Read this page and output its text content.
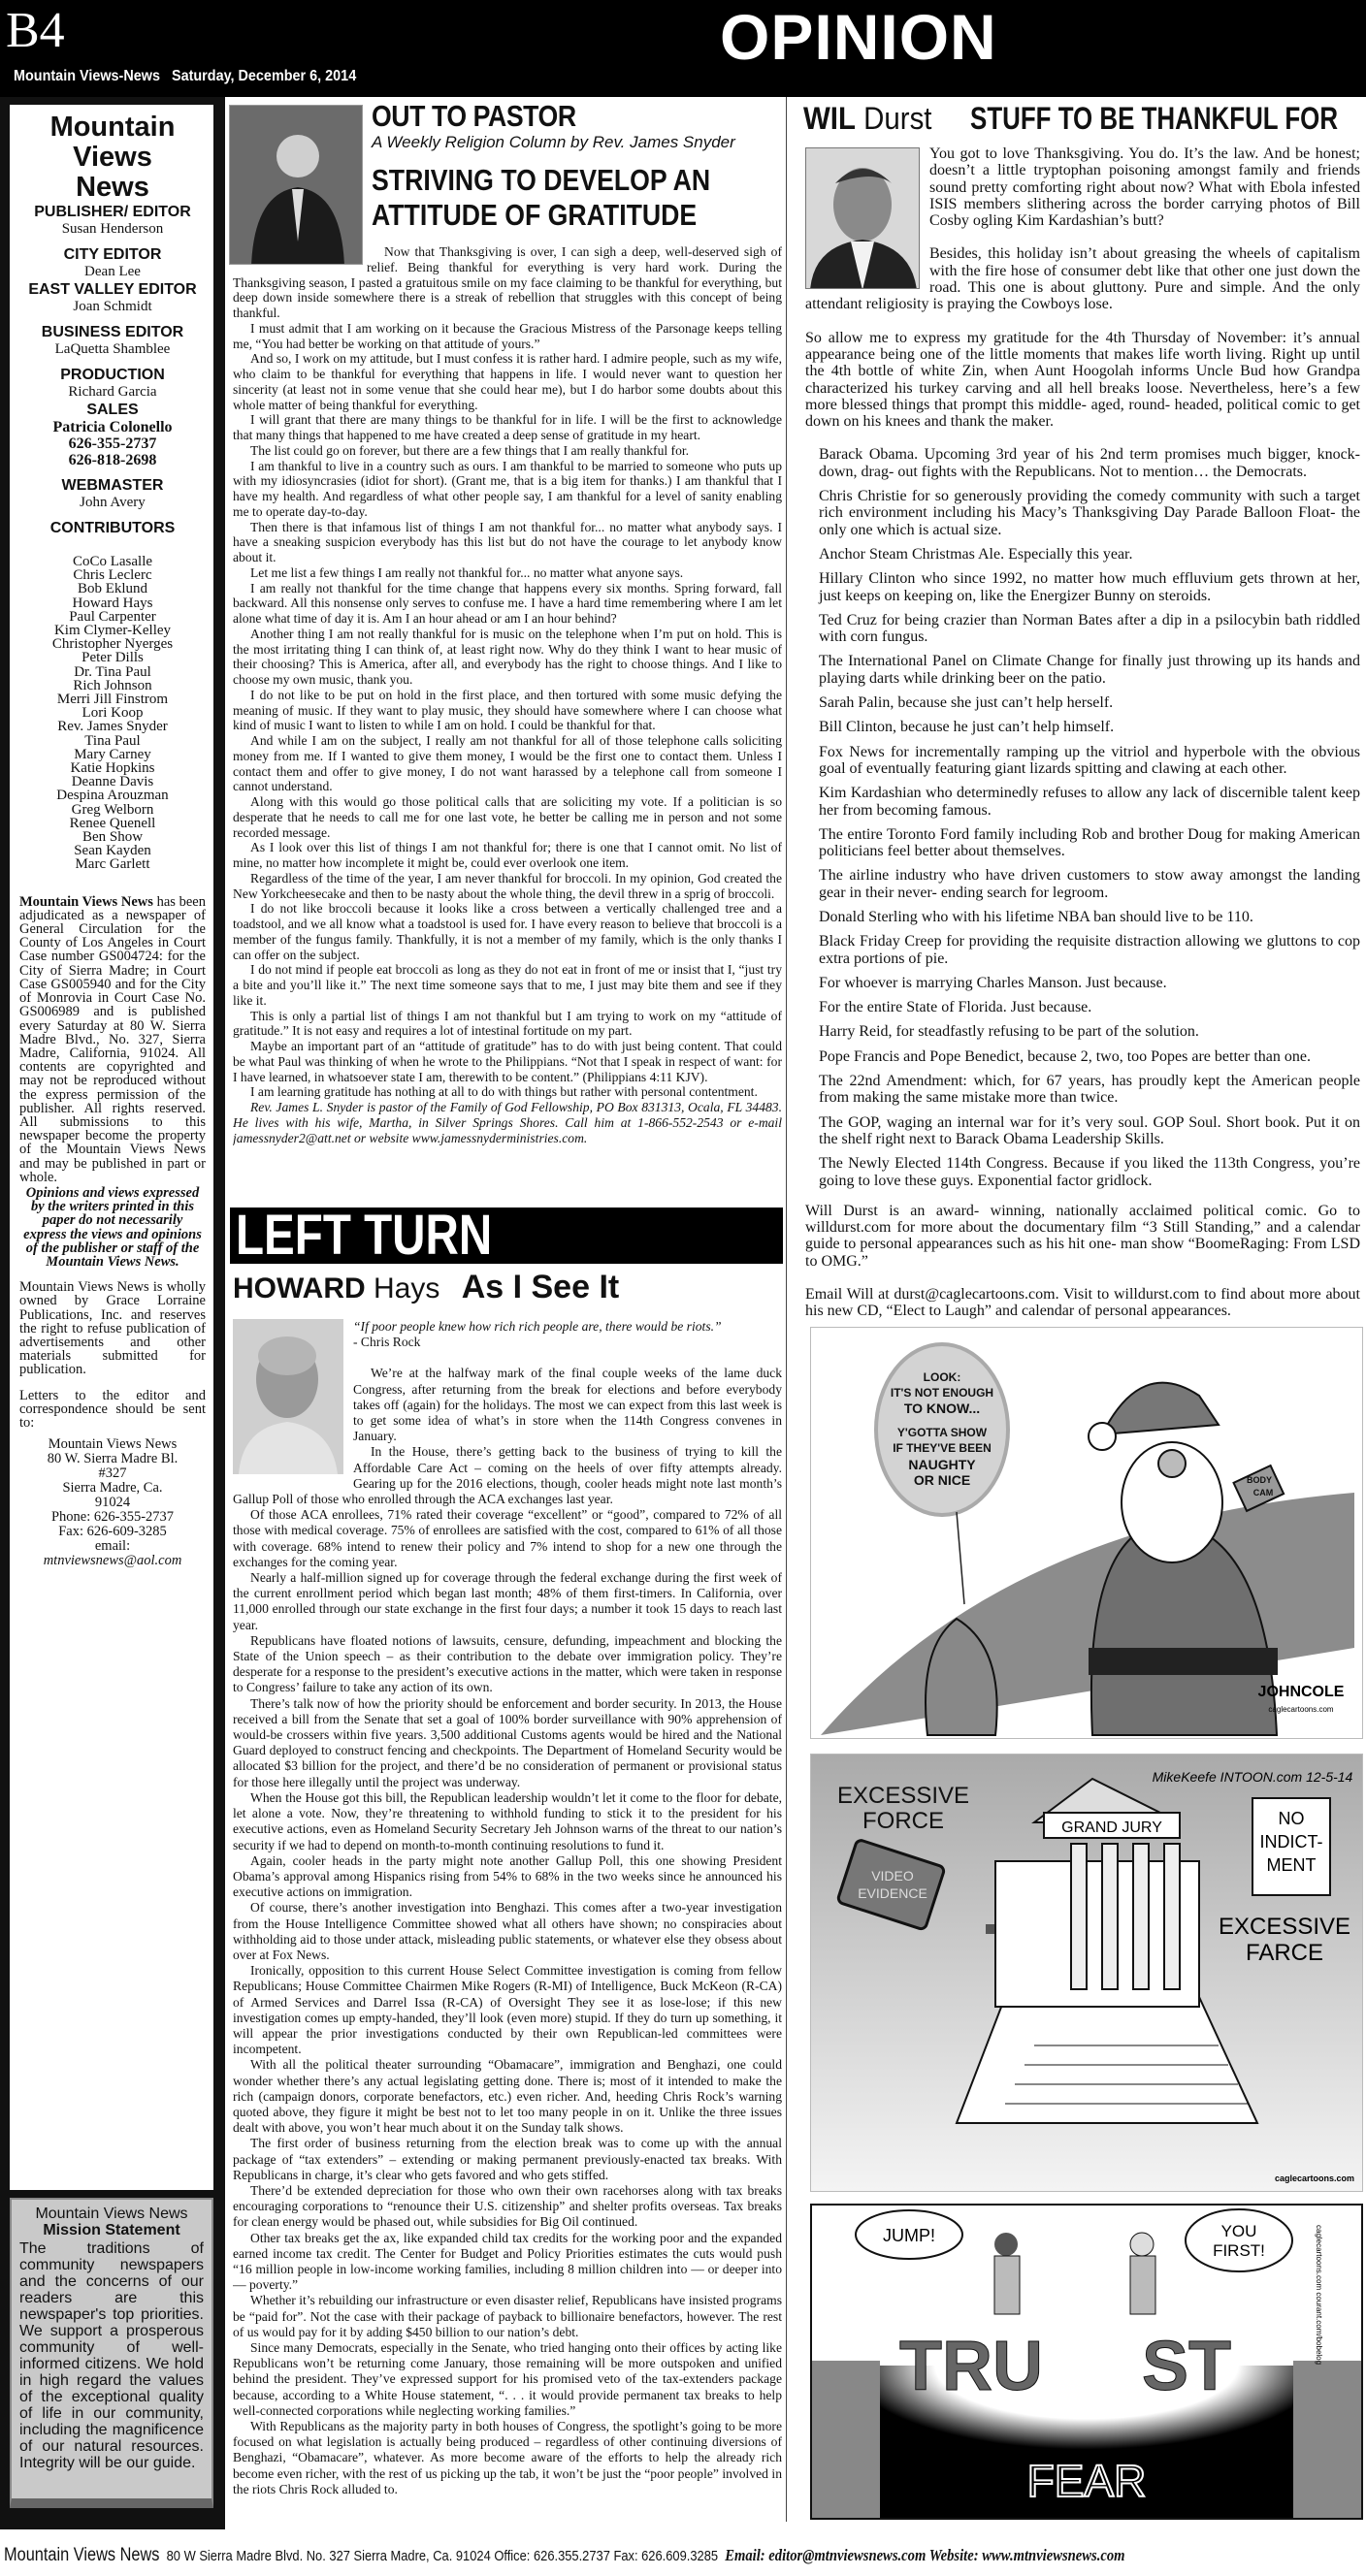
B4
Mountain Views-News   Saturday, December 6, 2014
OPINION
Mountain
Views
News
PUBLISHER/ EDITOR
Susan Henderson
CITY EDITOR
Dean Lee
EAST VALLEY EDITOR
Joan Schmidt
BUSINESS EDITOR
LaQuetta Shamblee
PRODUCTION
Richard Garcia
SALES
Patricia Colonello
626-355-2737
626-818-2698
WEBMASTER
John Avery
CONTRIBUTORS

CoCo Lasalle

Chris Leclerc

Bob Eklund

Howard Hays

Paul Carpenter

Kim Clymer-Kelley

Christopher Nyerges

Peter Dills

Dr. Tina Paul

Rich Johnson

Merri Jill Finstrom

Lori Koop

Rev. James Snyder

Tina Paul

Mary Carney

Katie Hopkins

Deanne Davis

Despina Arouzman

Greg Welborn

Renee Quenell

Ben Show

Sean Kayden

Marc Garlett

Mountain Views News has been adjudicated as a newspaper of General Circulation for the County of Los Angeles in Court Case number GS004724: for the City of Sierra Madre; in Court Case GS005940 and for the City of Monrovia in Court Case No. GS006989 and is published every Saturday at 80 W. Sierra Madre Blvd., No. 327, Sierra Madre, California, 91024. All contents are copyrighted and may not be reproduced without the express permission of the publisher. All rights reserved. All submissions to this newspaper become the property of the Mountain Views News and may be published in part or whole.
Opinions and views expressed by the writers printed in this paper do not necessarily express the views and opinions of the publisher or staff of the Mountain Views News.
Mountain Views News is wholly owned by Grace Lorraine Publications, Inc. and reserves the right to refuse publication of advertisements and other materials submitted for publication.
Letters to the editor and correspondence should be sent to:

Mountain Views News

80 W. Sierra Madre Bl.

#327

Sierra Madre, Ca.

91024

Phone: 626-355-2737

Fax: 626-609-3285

email:

mtnviewsnews@aol.com

Mountain Views News
Mission Statement

The traditions of community newspapers and the concerns of our readers are this newspaper's top priorities. We support a prosperous community of well-informed citizens. We hold in high regard the values of the exceptional quality of life in our community, including the magnificence of our natural resources. Integrity will be our guide.

OUT TO PASTOR
A Weekly Religion Column by Rev. James Snyder
STRIVING TO DEVELOP AN ATTITUDE OF GRATITUDE

Now that Thanksgiving is over, I can sigh a deep, well-deserved sigh of relief. Being thankful for everything is very hard work. During the Thanksgiving season, I pasted a gratuitous smile on my face claiming to be thankful for everything, but deep down inside somewhere there is a streak of rebellion that struggles with this concept of being thankful.

I must admit that I am working on it because the Gracious Mistress of the Parsonage keeps telling me, “You had better be working on that attitude of yours.”

And so, I work on my attitude, but I must confess it is rather hard. I admire people, such as my wife, who claim to be thankful for everything that happens in life. I would never want to question her sincerity (at least not in some venue that she could hear me), but I do harbor some doubts about this whole matter of being thankful for everything.

I will grant that there are many things to be thankful for in life. I will be the first to acknowledge that many things that happened to me have created a deep sense of gratitude in my heart.

The list could go on forever, but there are a few things that I am really thankful for.

I am thankful to live in a country such as ours. I am thankful to be married to someone who puts up with my idiosyncrasies (idiot for short). (Grant me, that is a big item for thanks.) I am thankful that I have my health. And regardless of what other people say, I am thankful for a level of sanity enabling me to operate day-to-day.

Then there is that infamous list of things I am not thankful for... no matter what anybody says. I have a sneaking suspicion everybody has this list but do not have the courage to let anybody know about it.

Let me list a few things I am really not thankful for... no matter what anyone says.

I am really not thankful for the time change that happens every six months. Spring forward, fall backward. All this nonsense only serves to confuse me. I have a hard time remembering where I am let alone what time of day it is. Am I an hour ahead or am I an hour behind?

Another thing I am not really thankful for is music on the telephone when I’m put on hold. This is the most irritating thing I can think of, at least right now. Why do they think I want to hear music of their choosing? This is America, after all, and everybody has the right to choose things. And I like to choose my own music, thank you.

I do not like to be put on hold in the first place, and then tortured with some music defying the meaning of music. If they want to play music, they should have somewhere where I can choose what kind of music I want to listen to while I am on hold. I could be thankful for that.

And while I am on the subject, I really am not thankful for all of those telephone calls soliciting money from me. If I wanted to give them money, I would be the first one to contact them. Unless I contact them and offer to give money, I do not want harassed by a telephone call from someone I cannot understand.

Along with this would go those political calls that are soliciting my vote. If a politician is so desperate that he needs to call me for one last vote, he better be calling me in person and not some recorded message.

As I look over this list of things I am not thankful for; there is one that I cannot omit. No list of mine, no matter how incomplete it might be, could ever overlook one item.

Regardless of the time of the year, I am never thankful for broccoli. In my opinion, God created the New Yorkcheesecake and then to be nasty about the whole thing, the devil threw in a sprig of broccoli.

I do not like broccoli because it looks like a cross between a vertically challenged tree and a toadstool, and we all know what a toadstool is used for. I have every reason to believe that broccoli is a member of the fungus family. Thankfully, it is not a member of my family, which is the only thanks I can offer on the subject.

I do not mind if people eat broccoli as long as they do not eat in front of me or insist that I, “just try a bite and you’ll like it.” The next time someone says that to me, I just may bite them and see if they like it.

This is only a partial list of things I am not thankful but I am trying to work on my “attitude of gratitude.” It is not easy and requires a lot of intestinal fortitude on my part.

Maybe an important part of an “attitude of gratitude” has to do with just being content. That could be what Paul was thinking of when he wrote to the Philippians. “Not that I speak in respect of want: for I have learned, in whatsoever state I am, therewith to be content.” (Philippians 4:11 KJV).

I am learning gratitude has nothing at all to do with things but rather with personal contentment.

Rev. James L. Snyder is pastor of the Family of God Fellowship, PO Box 831313, Ocala, FL 34483. He lives with his wife, Martha, in Silver Springs Shores. Call him at 1-866-552-2543 or e-mail jamessnyder2@att.net or website www.jamessnyderministries.com.

LEFT TURN
HOWARD Hays As I See It

“If poor people knew how rich rich people are, there would be riots.”

- Chris Rock

We’re at the halfway mark of the final couple weeks of the lame duck Congress, after returning from the break for elections and before everybody takes off (again) for the holidays. The most we can expect from this last week is to get some idea of what’s in store when the 114th Congress convenes in January.

In the House, there’s getting back to the business of trying to kill the Affordable Care Act – coming on the heels of over fifty attempts already. Gearing up for the 2016 elections, though, cooler heads might note last month’s Gallup Poll of those who enrolled through the ACA exchanges last year.

Of those ACA enrollees, 71% rated their coverage “excellent” or “good”, compared to 72% of all those with medical coverage. 75% of enrollees are satisfied with the cost, compared to 61% of all those with coverage. 68% intend to renew their policy and 7% intend to shop for a new one through the exchanges for the coming year.

Nearly a half-million signed up for coverage through the federal exchange during the first week of the current enrollment period which began last month; 48% of them first-timers. In California, over 11,000 enrolled through our state exchange in the first four days; a number it took 15 days to reach last year.

Republicans have floated notions of lawsuits, censure, defunding, impeachment and blocking the State of the Union speech – as their contribution to the debate over immigration policy. They’re desperate for a response to the president’s executive actions in the matter, which were taken in response to Congress’ failure to take any action of its own.

There’s talk now of how the priority should be enforcement and border security. In 2013, the House received a bill from the Senate that set a goal of 100% border surveillance with 90% apprehension of would-be crossers within five years. 3,500 additional Customs agents would be hired and the National Guard deployed to construct fencing and checkpoints. The Department of Homeland Security would be allocated $3 billion for the project, and there’d be no consideration of permanent or provisional status for those here illegally until the project was underway.

When the House got this bill, the Republican leadership wouldn’t let it come to the floor for debate, let alone a vote. Now, they’re threatening to withhold funding to stick it to the president for his executive actions, even as Homeland Security Secretary Jeh Johnson warns of the threat to our nation’s security if we had to depend on month-to-month continuing resolutions to fund it.

Again, cooler heads in the party might note another Gallup Poll, this one showing President Obama’s approval among Hispanics rising from 54% to 68% in the two weeks since he announced his executive actions on immigration.

Of course, there’s another investigation into Benghazi. This comes after a two-year investigation from the House Intelligence Committee showed what all others have shown; no conspiracies about withholding aid to those under attack, misleading public statements, or whatever else they obsess about over at Fox News.

Ironically, opposition to this current House Select Committee investigation is coming from fellow Republicans; House Committee Chairmen Mike Rogers (R-MI) of Intelligence, Buck McKeon (R-CA) of Armed Services and Darrel Issa (R-CA) of Oversight They see it as lose-lose; if this new investigation comes up empty-handed, they’ll look (even more) stupid. If they do turn up something, it will appear the prior investigations conducted by their own Republican-led committees were incompetent.

With all the political theater surrounding “Obamacare”, immigration and Benghazi, one could wonder whether there’s any actual legislating getting done. There is; most of it intended to make the rich (campaign donors, corporate benefactors, etc.) even richer. And, heeding Chris Rock’s warning quoted above, they figure it might be best not to let too many people in on it. Unlike the three issues dealt with above, you won’t hear much about it on the Sunday talk shows.

The first order of business returning from the election break was to come up with the annual package of “tax extenders” – extending or making permanent previously-enacted tax breaks. With Republicans in charge, it’s clear who gets favored and who gets stiffed.

There’d be extended depreciation for those who own their own racehorses along with tax breaks encouraging corporations to “renounce their U.S. citizenship” and shelter profits overseas. Tax breaks for clean energy would be phased out, while subsidies for Big Oil continued.

Other tax breaks get the ax, like expanded child tax credits for the working poor and the expanded earned income tax credit. The Center for Budget and Policy Priorities estimates the cuts would push “16 million people in low-income working families, including 8 million children into — or deeper into — poverty.”

Whether it’s rebuilding our infrastructure or even disaster relief, Republicans have insisted programs be “paid for”. Not the case with their package of payback to billionaire benefactors, however. The rest of us would pay for it by adding $450 billion to our nation’s debt.

Since many Democrats, especially in the Senate, who tried hanging onto their offices by acting like Republicans won’t be returning come January, those remaining will be more outspoken and unified behind the president. They’ve expressed support for his promised veto of the tax-extenders package because, according to a White House statement, “. . . it would provide permanent tax breaks to help well-connected corporations while neglecting working families.”

With Republicans as the majority party in both houses of Congress, the spotlight’s going to be more focused on what legislation is actually being produced – regardless of other continuing diversions of Benghazi, “Obamacare”, whatever. As more become aware of the efforts to help the already rich become even richer, with the rest of us picking up the tab, it won’t be just the “poor people” involved in the riots Chris Rock alluded to.

WIL Durst STUFF TO BE THANKFUL FOR

You got to love Thanksgiving. You do. It’s the law. And be honest; doesn’t a little tryptophan poisoning amongst family and friends sound pretty comforting right about now? What with Ebola infested ISIS members slithering across the border carrying photos of Bill Cosby ogling Kim Kardashian’s butt?

Besides, this holiday isn’t about greasing the wheels of capitalism with the fire hose of consumer debt like that other one just down the road. This one is about gluttony. Pure and simple. And the only attendant religiosity is praying the Cowboys lose.

So allow me to express my gratitude for the 4th Thursday of November: it’s annual appearance being one of the little moments that makes life worth living. Right up until the 4th bottle of white Zin, when Aunt Hoogolah informs Uncle Bud how Grandpa characterized his turkey carving and all hell breaks loose. Nevertheless, here’s a few more blessed things that prompt this middle- aged, round- headed, political comic to get down on his knees and thank the maker.

Barack Obama. Upcoming 3rd year of his 2nd term promises much bigger, knock-down, drag- out fights with the Republicans. Not to mention… the Democrats.

Chris Christie for so generously providing the comedy community with such a target rich environment including his Macy’s Thanksgiving Day Parade Balloon Float- the only one which is actual size.

Anchor Steam Christmas Ale. Especially this year.

Hillary Clinton who since 1992, no matter how much effluvium gets thrown at her, just keeps on keeping on, like the Energizer Bunny on steroids.

Ted Cruz for being crazier than Norman Bates after a dip in a psilocybin bath riddled with corn fungus.

The International Panel on Climate Change for finally just throwing up its hands and playing darts while drinking beer on the patio.

Sarah Palin, because she just can’t help herself.

Bill Clinton, because he just can’t help himself.

Fox News for incrementally ramping up the vitriol and hyperbole with the obvious goal of eventually featuring giant lizards spitting and clawing at each other.

Kim Kardashian who determinedly refuses to allow any lack of discernible talent keep her from becoming famous.

The entire Toronto Ford family including Rob and brother Doug for making American politicians feel better about themselves.

The airline industry who have driven customers to stow away amongst the landing gear in their never- ending search for legroom.

Donald Sterling who with his lifetime NBA ban should live to be 110.

Black Friday Creep for providing the requisite distraction allowing we gluttons to cop extra portions of pie.

For whoever is marrying Charles Manson. Just because.

For the entire State of Florida. Just because.

Harry Reid, for steadfastly refusing to be part of the solution.

Pope Francis and Pope Benedict, because 2, two, too Popes are better than one.

The 22nd Amendment: which, for 67 years, has proudly kept the American people from making the same mistake more than twice.

The GOP, waging an internal war for it’s very soul. GOP Soul. Short book. Put it on the shelf right next to Barack Obama Leadership Skills.

The Newly Elected 114th Congress. Because if you liked the 113th Congress, you’re going to love these guys. Exponential factor gridlock.

Will Durst is an award- winning, nationally acclaimed political comic. Go to willdurst.com for more about the documentary film “3 Still Standing,” and a calendar guide to personal appearances such as his hit one- man show “BoomeRaging: From LSD to OMG.”

Email Will at durst@caglecartoons.com. Visit to willdurst.com to find about more about his new CD, “Elect to Laugh” and calendar of personal appearances.

LOOK:
IT'S NOT ENOUGH
TO KNOW...
Y'GOTTA SHOW
IF THEY'VE BEEN
NAUGHTY
OR NICE	BODY
CAM
JOHNCOLE
caglecartoons.com
EXCESSIVE
FORCE
VIDEO
EVIDENCE
GRAND JURY	NO
INDICT-
MENT
EXCESSIVE
FARCE
MikeKeefe INTOON.com 12-5-14
caglecartoons.com
JUMP!	YOU
FIRST!
TRU ST
FEAR
caglecartoons.com courant.com/bobelog
Mountain Views News 80 W Sierra Madre Blvd. No. 327 Sierra Madre, Ca. 91024 Office: 626.355.2737 Fax: 626.609.3285 Email: editor@mtnviewsnews.com Website: www.mtnviewsnews.com
